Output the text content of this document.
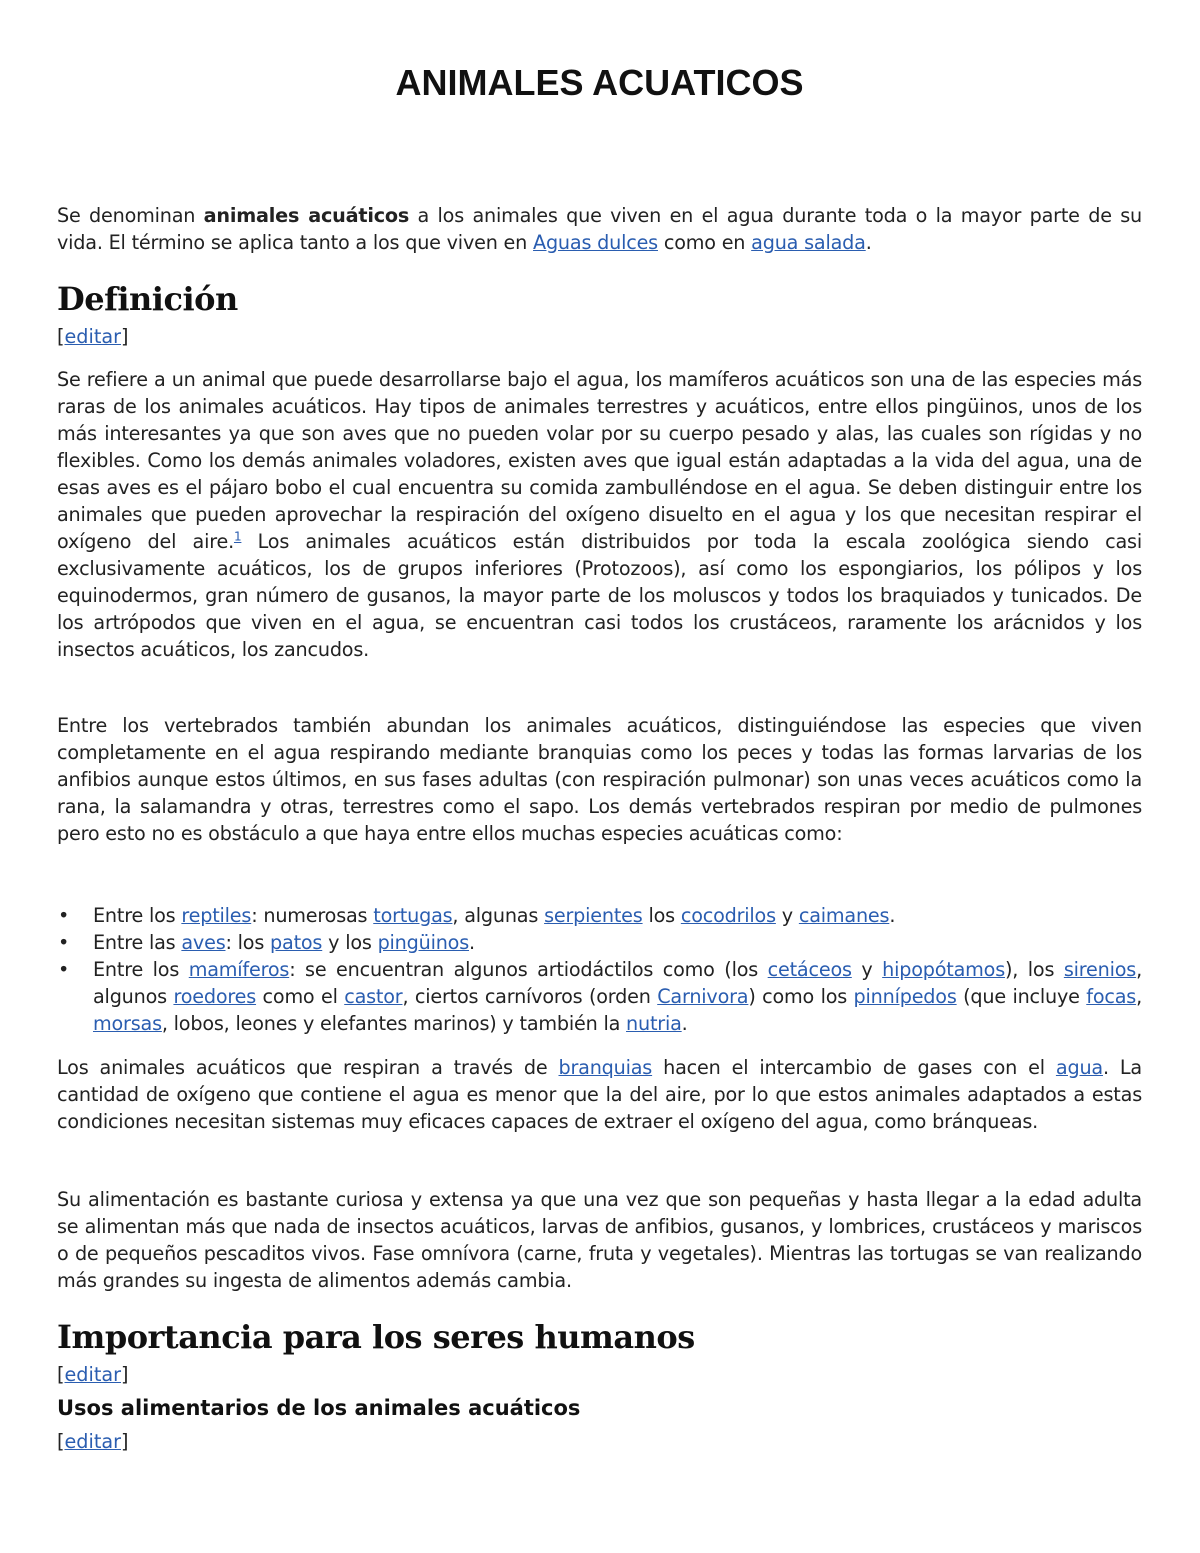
ANIMALES ACUATICOS

Se denominan animales acuáticos a los animales que viven en el agua durante toda o la mayor parte de su vida. El término se aplica tanto a los que viven en Aguas dulces como en agua salada.

Definición
[editar]

Se refiere a un animal que puede desarrollarse bajo el agua, los mamíferos acuáticos son una de las especies más raras de los animales acuáticos. Hay tipos de animales terrestres y acuáticos, entre ellos pingüinos, unos de los más interesantes ya que son aves que no pueden volar por su cuerpo pesado y alas, las cuales son rígidas y no flexibles. Como los demás animales voladores, existen aves que igual están adaptadas a la vida del agua, una de esas aves es el pájaro bobo el cual encuentra su comida zambulléndose en el agua. Se deben distinguir entre los animales que pueden aprovechar la respiración del oxígeno disuelto en el agua y los que necesitan respirar el oxígeno del aire.$^1$ Los animales acuáticos están distribuidos por toda la escala zoológica siendo casi exclusivamente acuáticos, los de grupos inferiores (Protozoos), así como los espongiarios, los pólipos y los equinodermos, gran número de gusanos, la mayor parte de los moluscos y todos los braquiados y tunicados. De los artrópodos que viven en el agua, se encuentran casi todos los crustáceos, raramente los arácnidos y los insectos acuáticos, los zancudos.

Entre los vertebrados también abundan los animales acuáticos, distinguiéndose las especies que viven completamente en el agua respirando mediante branquias como los peces y todas las formas larvarias de los anfibios aunque estos últimos, en sus fases adultas (con respiración pulmonar) son unas veces acuáticos como la rana, la salamandra y otras, terrestres como el sapo. Los demás vertebrados respiran por medio de pulmones pero esto no es obstáculo a que haya entre ellos muchas especies acuáticas como:

• Entre los reptiles: numerosas tortugas, algunas serpientes los cocodrilos y caimanes.
• Entre las aves: los patos y los pingüinos.
• Entre los mamíferos: se encuentran algunos artiodáctilos como (los cetáceos y hipopótamos), los sirenios, algunos roedores como el castor, ciertos carnívoros (orden Carnivora) como los pinnípedos (que incluye focas, morsas, lobos, leones y elefantes marinos) y también la nutria.

Los animales acuáticos que respiran a través de branquias hacen el intercambio de gases con el agua. La cantidad de oxígeno que contiene el agua es menor que la del aire, por lo que estos animales adaptados a estas condiciones necesitan sistemas muy eficaces capaces de extraer el oxígeno del agua, como bránqueas.

Su alimentación es bastante curiosa y extensa ya que una vez que son pequeñas y hasta llegar a la edad adulta se alimentan más que nada de insectos acuáticos, larvas de anfibios, gusanos, y lombrices, crustáceos y mariscos o de pequeños pescaditos vivos. Fase omnívora (carne, fruta y vegetales). Mientras las tortugas se van realizando más grandes su ingesta de alimentos además cambia.

Importancia para los seres humanos
[editar]
Usos alimentarios de los animales acuáticos
[editar]
